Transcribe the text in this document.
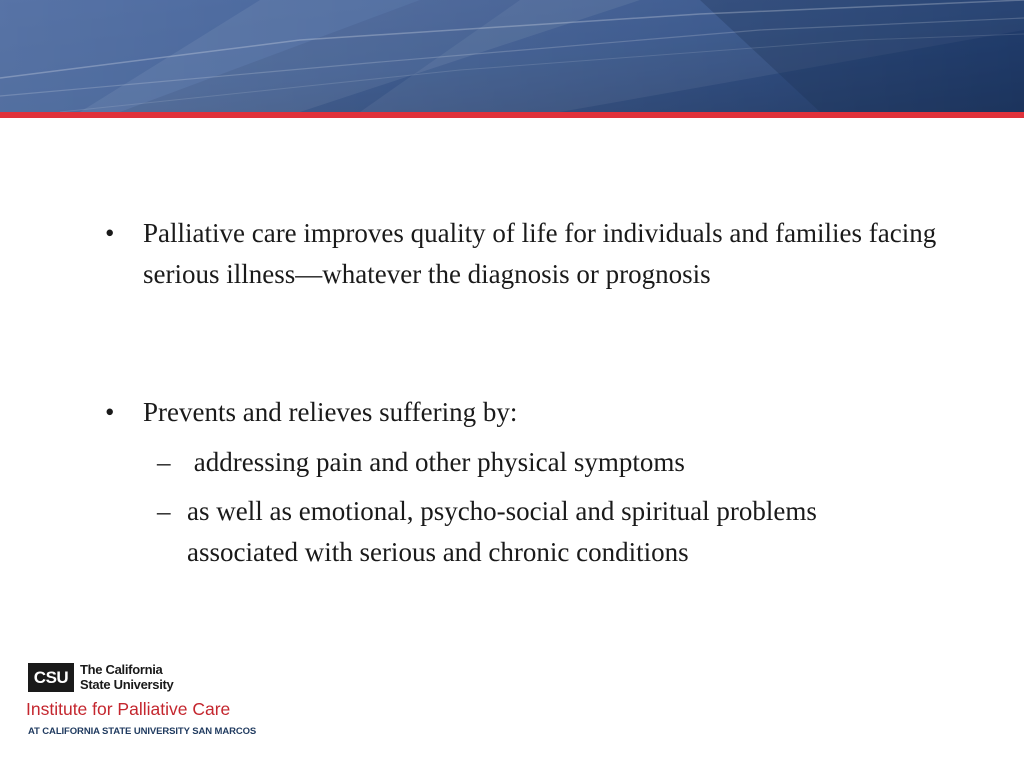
• Palliative care improves quality of life for individuals and families facing serious illness—whatever the diagnosis or prognosis
• Prevents and relieves suffering by:
– addressing pain and other physical symptoms
– as well as emotional, psycho-social and spiritual problems associated with serious and chronic conditions
CSU The California
State University
Institute for Palliative Care
AT CALIFORNIA STATE UNIVERSITY SAN MARCOS
